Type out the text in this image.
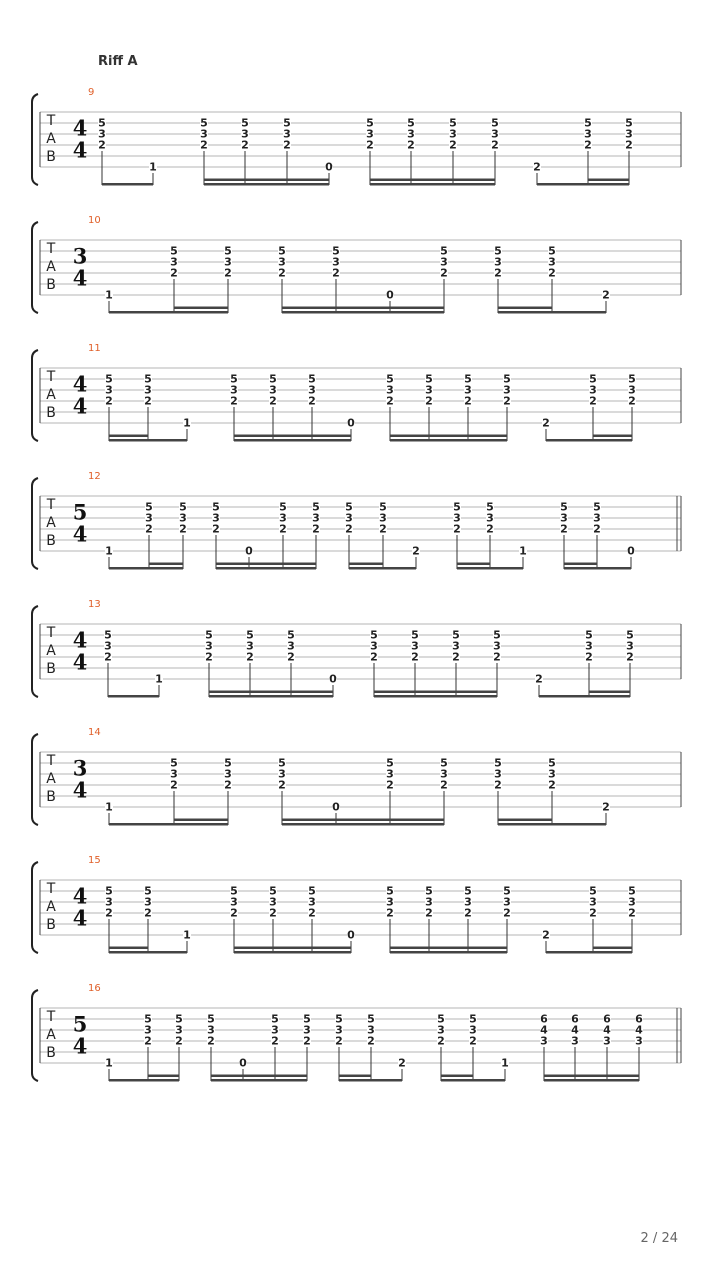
Riff A
T
A
B
4
4
9
5
3
2
1
5
3
2
5
3
2
5
3
2
0
5
3
2
5
3
2
5
3
2
5
3
2
2
5
3
2
5
3
2
T
A
B
3
4
10
1
5
3
2
5
3
2
5
3
2
5
3
2
0
5
3
2
5
3
2
5
3
2
2
T
A
B
4
4
11
5
3
2
5
3
2
1
5
3
2
5
3
2
5
3
2
0
5
3
2
5
3
2
5
3
2
5
3
2
2
5
3
2
5
3
2
T
A
B
5
4
12
1
5
3
2
5
3
2
5
3
2
0
5
3
2
5
3
2
5
3
2
5
3
2
2
5
3
2
5
3
2
1
5
3
2
5
3
2
0
T
A
B
4
4
13
5
3
2
1
5
3
2
5
3
2
5
3
2
0
5
3
2
5
3
2
5
3
2
5
3
2
2
5
3
2
5
3
2
T
A
B
3
4
14
1
5
3
2
5
3
2
5
3
2
0
5
3
2
5
3
2
5
3
2
5
3
2
2
T
A
B
4
4
15
5
3
2
5
3
2
1
5
3
2
5
3
2
5
3
2
0
5
3
2
5
3
2
5
3
2
5
3
2
2
5
3
2
5
3
2
T
A
B
5
4
16
1
5
3
2
5
3
2
5
3
2
0
5
3
2
5
3
2
5
3
2
5
3
2
2
5
3
2
5
3
2
1
6
4
3
6
4
3
6
4
3
6
4
3
2 / 24
